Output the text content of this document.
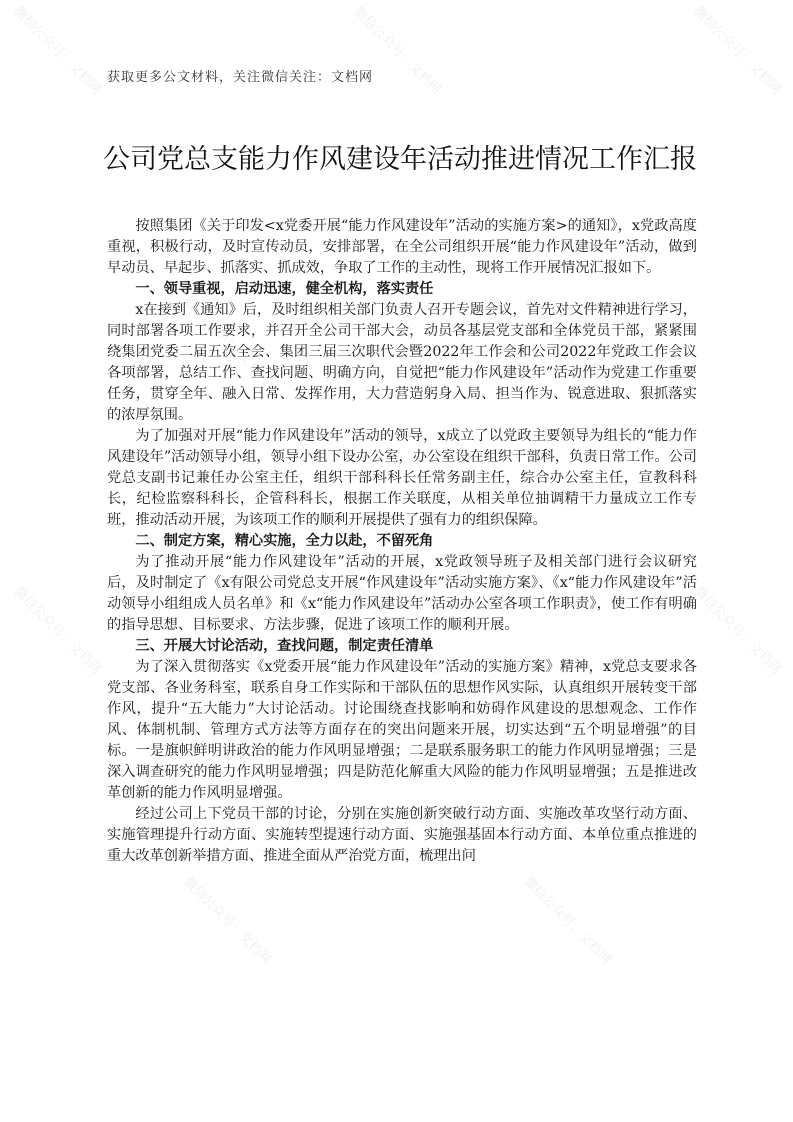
微信公众号：文档网	微信公众号：文档网	微信公众号：文档网
微信公众号：文档网	微信公众号：文档网
微信公众号：文档网	微信公众号：文档网	微信公众号：文档网
微信公众号：文档网	微信公众号：文档网
获取更多公文材料，关注微信关注：文档网
公司党总支能力作风建设年活动推进情况工作汇报

按照集团《关于印发<x党委开展“能力作风建设年”活动的实施方案>的通知》，x党政高度重视，积极行动，及时宣传动员，安排部署，在全公司组织开展“能力作风建设年”活动，做到早动员、早起步、抓落实、抓成效，争取了工作的主动性，现将工作开展情况汇报如下。

一、领导重视，启动迅速，健全机构，落实责任

x在接到《通知》后，及时组织相关部门负责人召开专题会议，首先对文件精神进行学习，同时部署各项工作要求，并召开全公司干部大会，动员各基层党支部和全体党员干部，紧紧围绕集团党委二届五次全会、集团三届三次职代会暨2022年工作会和公司2022年党政工作会议各项部署，总结工作、查找问题、明确方向，自觉把“能力作风建设年”活动作为党建工作重要任务，贯穿全年、融入日常、发挥作用，大力营造躬身入局、担当作为、锐意进取、狠抓落实的浓厚氛围。

为了加强对开展“能力作风建设年”活动的领导，x成立了以党政主要领导为组长的“能力作风建设年”活动领导小组，领导小组下设办公室，办公室设在组织干部科，负责日常工作。公司党总支副书记兼任办公室主任，组织干部科科长任常务副主任，综合办公室主任，宣教科科长，纪检监察科科长，企管科科长，根据工作关联度，从相关单位抽调精干力量成立工作专班，推动活动开展，为该项工作的顺利开展提供了强有力的组织保障。

二、制定方案，精心实施，全力以赴，不留死角

为了推动开展“能力作风建设年”活动的开展，x党政领导班子及相关部门进行会议研究后，及时制定了《x有限公司党总支开展“作风建设年”活动实施方案》、《x“能力作风建设年”活动领导小组组成人员名单》和《x“能力作风建设年”活动办公室各项工作职责》，使工作有明确的指导思想、目标要求、方法步骤，促进了该项工作的顺利开展。

三、开展大讨论活动，查找问题，制定责任清单

为了深入贯彻落实《x党委开展“能力作风建设年”活动的实施方案》精神，x党总支要求各党支部、各业务科室，联系自身工作实际和干部队伍的思想作风实际，认真组织开展转变干部作风，提升“五大能力”大讨论活动。讨论围绕查找影响和妨碍作风建设的思想观念、工作作风、体制机制、管理方式方法等方面存在的突出问题来开展，切实达到“五个明显增强”的目标。一是旗帜鲜明讲政治的能力作风明显增强；二是联系服务职工的能力作风明显增强；三是深入调查研究的能力作风明显增强；四是防范化解重大风险的能力作风明显增强；五是推进改革创新的能力作风明显增强。

经过公司上下党员干部的讨论，分别在实施创新突破行动方面、实施改革攻坚行动方面、实施管理提升行动方面、实施转型提速行动方面、实施强基固本行动方面、本单位重点推进的重大改革创新举措方面、推进全面从严治党方面，梳理出问
